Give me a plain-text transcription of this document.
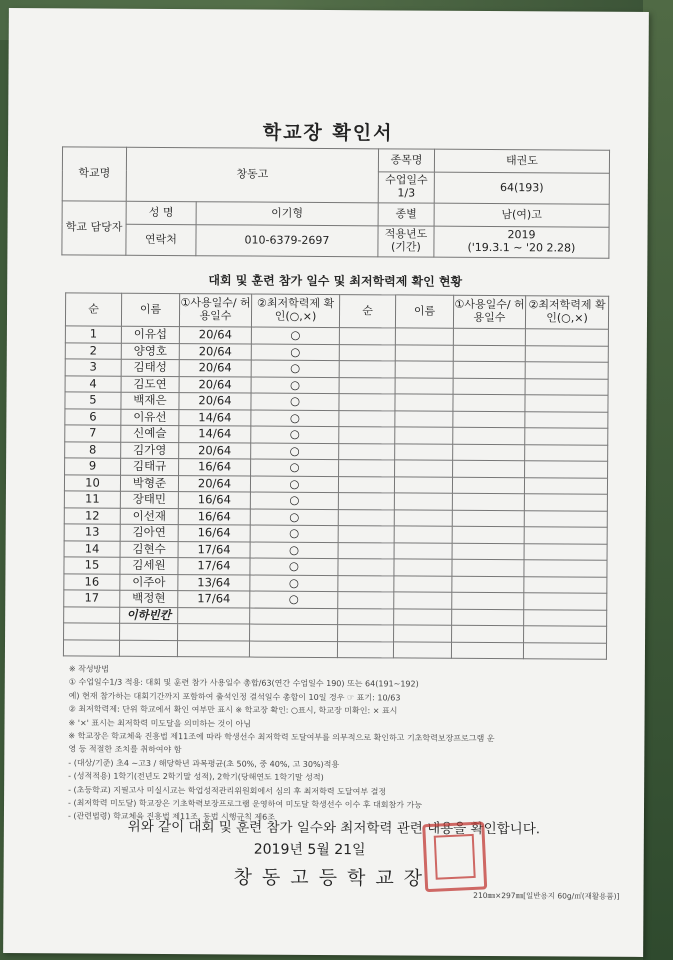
학교장 확인서
학교명	창동고		종목명	태권도
			수업일수 1/3	64(193)
학교 담당자	성 명	이기형	종별	남(여)고
	연락처	010-6379-2697	적용년도 (기간)	2019
('19.3.1 ~ '20 2.28)
대회 및 훈련 참가 일수 및 최저학력제 확인 현황
순	이름	①사용일수/ 허용일수	②최저학력제 확인(○,×)	순	이름	①사용일수/ 허용일수	②최저학력제 확인(○,×)
1	이유섭	20/64	○				
2	양영호	20/64	○				
3	김태성	20/64	○				
4	김도연	20/64	○				
5	백재은	20/64	○				
6	이유선	14/64	○				
7	신예슬	14/64	○				
8	김가영	20/64	○				
9	김태규	16/64	○				
10	박형준	20/64	○				
11	장태민	16/64	○				
12	이선재	16/64	○				
13	김아연	16/64	○				
14	김현수	17/64	○				
15	김세원	17/64	○				
16	이주아	13/64	○				
17	백정현	17/64	○				
	이하빈칸						

※ 작성방법
① 수업일수1/3 적용: 대회 및 훈련 참가 사용일수 총합/63(연간 수업일수 190) 또는 64(191~192)
예) 현재 참가하는 대회기간까지 포함하여 출석인정 결석일수 총합이 10일 경우 ☞ 표기: 10/63
② 최저학력제: 단위 학교에서 확인 여부만 표시 ※ 학교장 확인: ○표시, 학교장 미확인: × 표시
※ '×' 표시는 최저학력 미도달을 의미하는 것이 아님
※ 학교장은 학교체육 진흥법 제11조에 따라 학생선수 최저학력 도달여부를 의무적으로 확인하고 기초학력보장프로그램 운
영 등 적절한 조치를 취하여야 함
- (대상/기준) 초4 ~고3 / 해당학년 과목평균(초 50%, 중 40%, 고 30%)적용
- (성적적용) 1학기(전년도 2학기말 성적), 2학기(당해연도 1학기말 성적)
- (초등학교) 지필고사 미실시교는 학업성적관리위원회에서 심의 후 최저학력 도달여부 결정
- (최저학력 미도달) 학교장은 기초학력보장프로그램 운영하여 미도달 학생선수 이수 후 대회참가 가능
- (관련법령) 학교체육 진흥법 제11조, 동법 시행규칙 제6조
위와 같이 대회 및 훈련 참가 일수와 최저학력 관련 내용을 확인합니다.
2019년 5월 21일
창동고등학교장
210㎜×297㎜[일반용지 60g/㎡(재활용품)]
